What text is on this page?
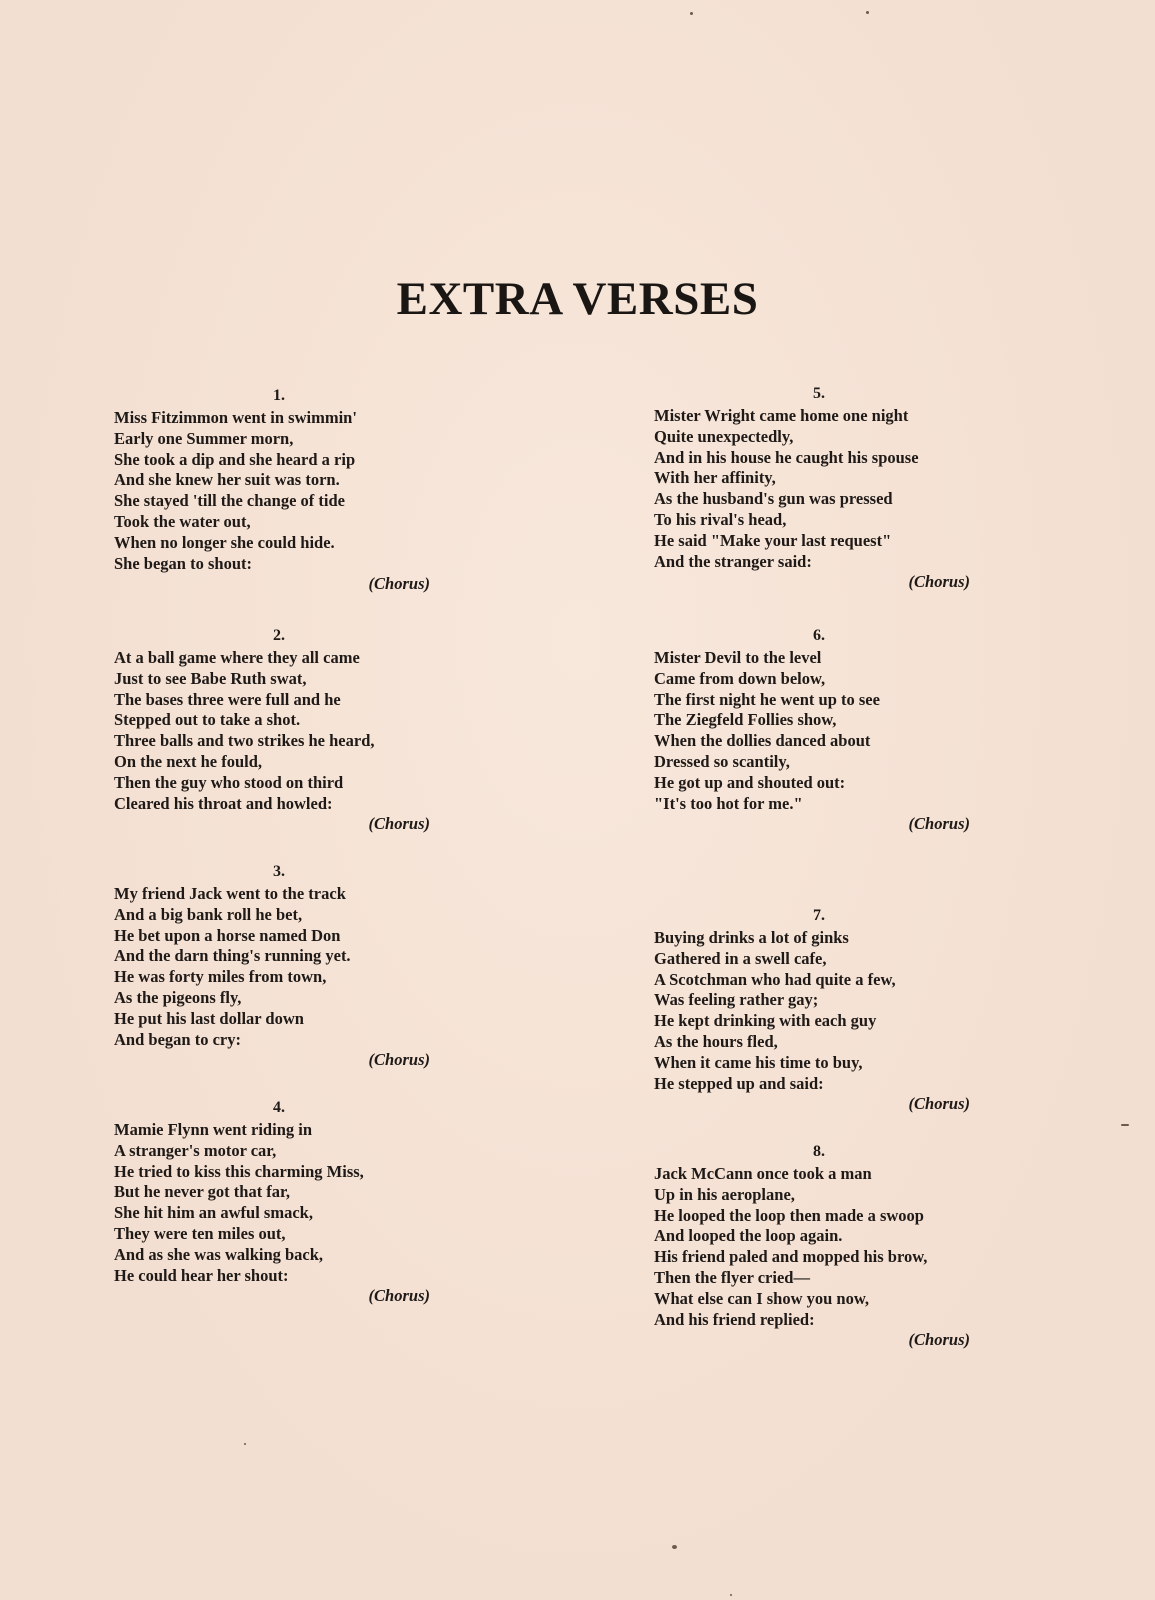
EXTRA VERSES
1.
Miss Fitzimmon went in swimmin'
Early one Summer morn,
She took a dip and she heard a rip
And she knew her suit was torn.
She stayed 'till the change of tide
Took the water out,
When no longer she could hide.
She began to shout:
(Chorus)
2.
At a ball game where they all came
Just to see Babe Ruth swat,
The bases three were full and he
Stepped out to take a shot.
Three balls and two strikes he heard,
On the next he fould,
Then the guy who stood on third
Cleared his throat and howled:
(Chorus)
3.
My friend Jack went to the track
And a big bank roll he bet,
He bet upon a horse named Don
And the darn thing's running yet.
He was forty miles from town,
As the pigeons fly,
He put his last dollar down
And began to cry:
(Chorus)
4.
Mamie Flynn went riding in
A stranger's motor car,
He tried to kiss this charming Miss,
But he never got that far,
She hit him an awful smack,
They were ten miles out,
And as she was walking back,
He could hear her shout:
(Chorus)
5.
Mister Wright came home one night
Quite unexpectedly,
And in his house he caught his spouse
With her affinity,
As the husband's gun was pressed
To his rival's head,
He said "Make your last request"
And the stranger said:
(Chorus)
6.
Mister Devil to the level
Came from down below,
The first night he went up to see
The Ziegfeld Follies show,
When the dollies danced about
Dressed so scantily,
He got up and shouted out:
"It's too hot for me."
(Chorus)
7.
Buying drinks a lot of ginks
Gathered in a swell cafe,
A Scotchman who had quite a few,
Was feeling rather gay;
He kept drinking with each guy
As the hours fled,
When it came his time to buy,
He stepped up and said:
(Chorus)
8.
Jack McCann once took a man
Up in his aeroplane,
He looped the loop then made a swoop
And looped the loop again.
His friend paled and mopped his brow,
Then the flyer cried—
What else can I show you now,
And his friend replied:
(Chorus)
